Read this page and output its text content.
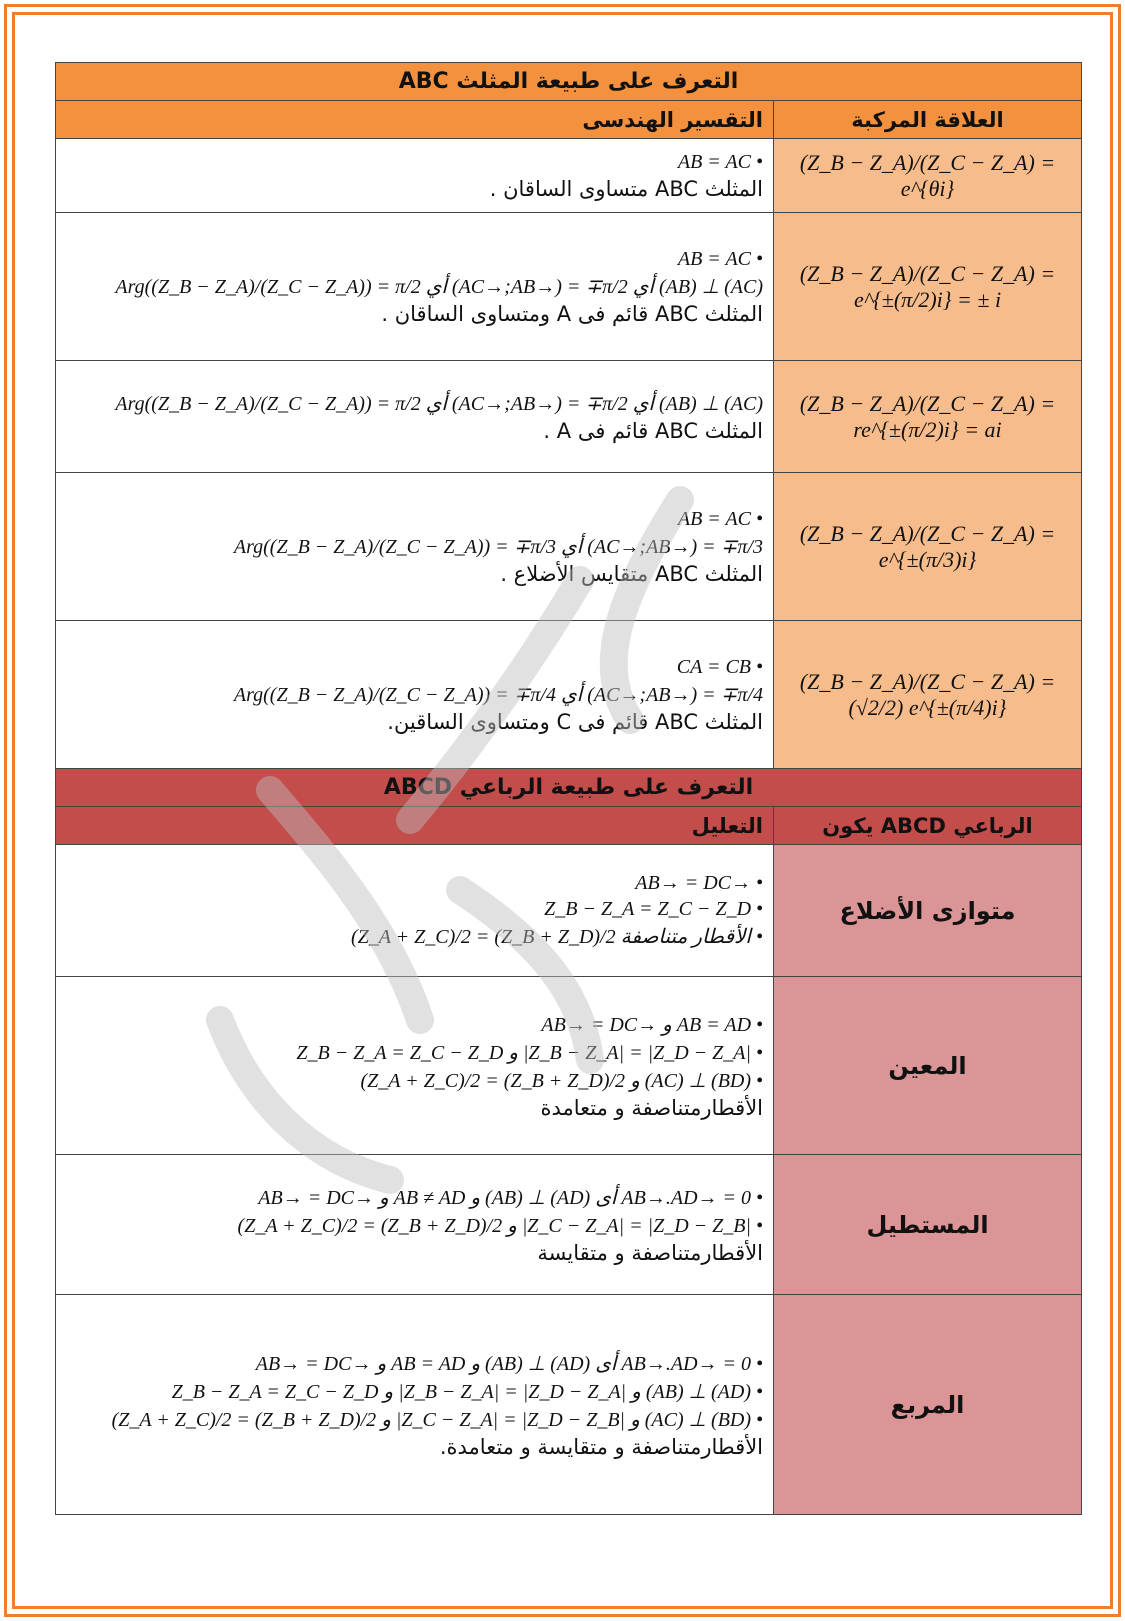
التعرف على طبيعة المثلث ABC	
العلاقة المركبة	التقسير الهندسى
(Z_B − Z_A)/(Z_C − Z_A) = e^{θi}	AB = AC •
المثلث ABC متساوى الساقان .

(Z_B − Z_A)/(Z_C − Z_A) = e^{±(π/2)i} = ± i	AB = AC •
Arg((Z_B − Z_A)/(Z_C − Z_A)) = π/2 أي (AC→;AB→) = ∓π/2 أي (AB) ⊥ (AC)
المثلث ABC قائم فى A ومتساوى الساقان .

(Z_B − Z_A)/(Z_C − Z_A) = re^{±(π/2)i} = ai	Arg((Z_B − Z_A)/(Z_C − Z_A)) = π/2 أي (AC→;AB→) = ∓π/2 أي (AB) ⊥ (AC)
المثلث ABC قائم فى A .

(Z_B − Z_A)/(Z_C − Z_A) = e^{±(π/3)i}	AB = AC •
Arg((Z_B − Z_A)/(Z_C − Z_A)) = ∓π/3 أي (AC→;AB→) = ∓π/3
المثلث ABC متقايس الأضلاع .

(Z_B − Z_A)/(Z_C − Z_A) = (√2/2) e^{±(π/4)i}	CA = CB •
Arg((Z_B − Z_A)/(Z_C − Z_A)) = ∓π/4 أي (AC→;AB→) = ∓π/4
المثلث ABC قائم فى C ومتساوى الساقين.

التعرف على طبيعة الرباعي ABCD	
الرباعي ABCD يكون	التعليل
متوازى الأضلاع	AB→ = DC→ •
Z_B − Z_A = Z_C − Z_D •
(Z_A + Z_C)/2 = (Z_B + Z_D)/2 الأقطار متناصفة •

المعين	AB→ = DC→ و AB = AD •
Z_B − Z_A = Z_C − Z_D و |Z_B − Z_A| = |Z_D − Z_A| •
(Z_A + Z_C)/2 = (Z_B + Z_D)/2 و (AC) ⊥ (BD) •
الأقطارمتناصفة و متعامدة

المستطيل	AB→ = DC→ و AB ≠ AD و (AB) ⊥ (AD) أى AB→.AD→ = 0 •
(Z_A + Z_C)/2 = (Z_B + Z_D)/2 و |Z_C − Z_A| = |Z_D − Z_B| •
الأقطارمتناصفة و متقايسة

المربع	AB→ = DC→ و AB = AD و (AB) ⊥ (AD) أى AB→.AD→ = 0 •
Z_B − Z_A = Z_C − Z_D و |Z_B − Z_A| = |Z_D − Z_A| و (AB) ⊥ (AD) •
(Z_A + Z_C)/2 = (Z_B + Z_D)/2 و |Z_C − Z_A| = |Z_D − Z_B| و (AC) ⊥ (BD) •
الأقطارمتناصفة و متقايسة و متعامدة.
